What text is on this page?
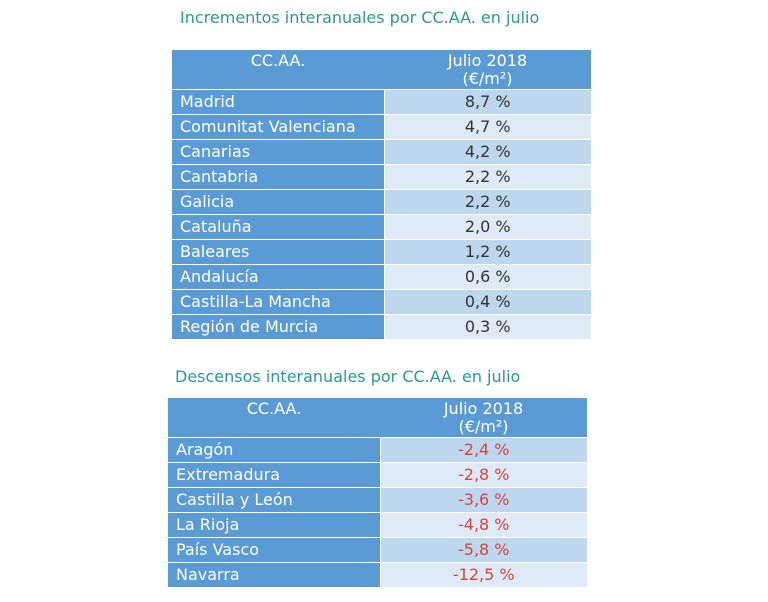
Incrementos interanuales por CC.AA. en julio
CC.AA.	Julio 2018
(€/m²)
Madrid	8,7 %
Comunitat Valenciana	4,7 %
Canarias	4,2 %
Cantabria	2,2 %
Galicia	2,2 %
Cataluña	2,0 %
Baleares	1,2 %
Andalucía	0,6 %
Castilla-La Mancha	0,4 %
Región de Murcia	0,3 %
Descensos interanuales por CC.AA. en julio
CC.AA.	Julio 2018
(€/m²)
Aragón	-2,4 %
Extremadura	-2,8 %
Castilla y León	-3,6 %
La Rioja	-4,8 %
País Vasco	-5,8 %
Navarra	-12,5 %
